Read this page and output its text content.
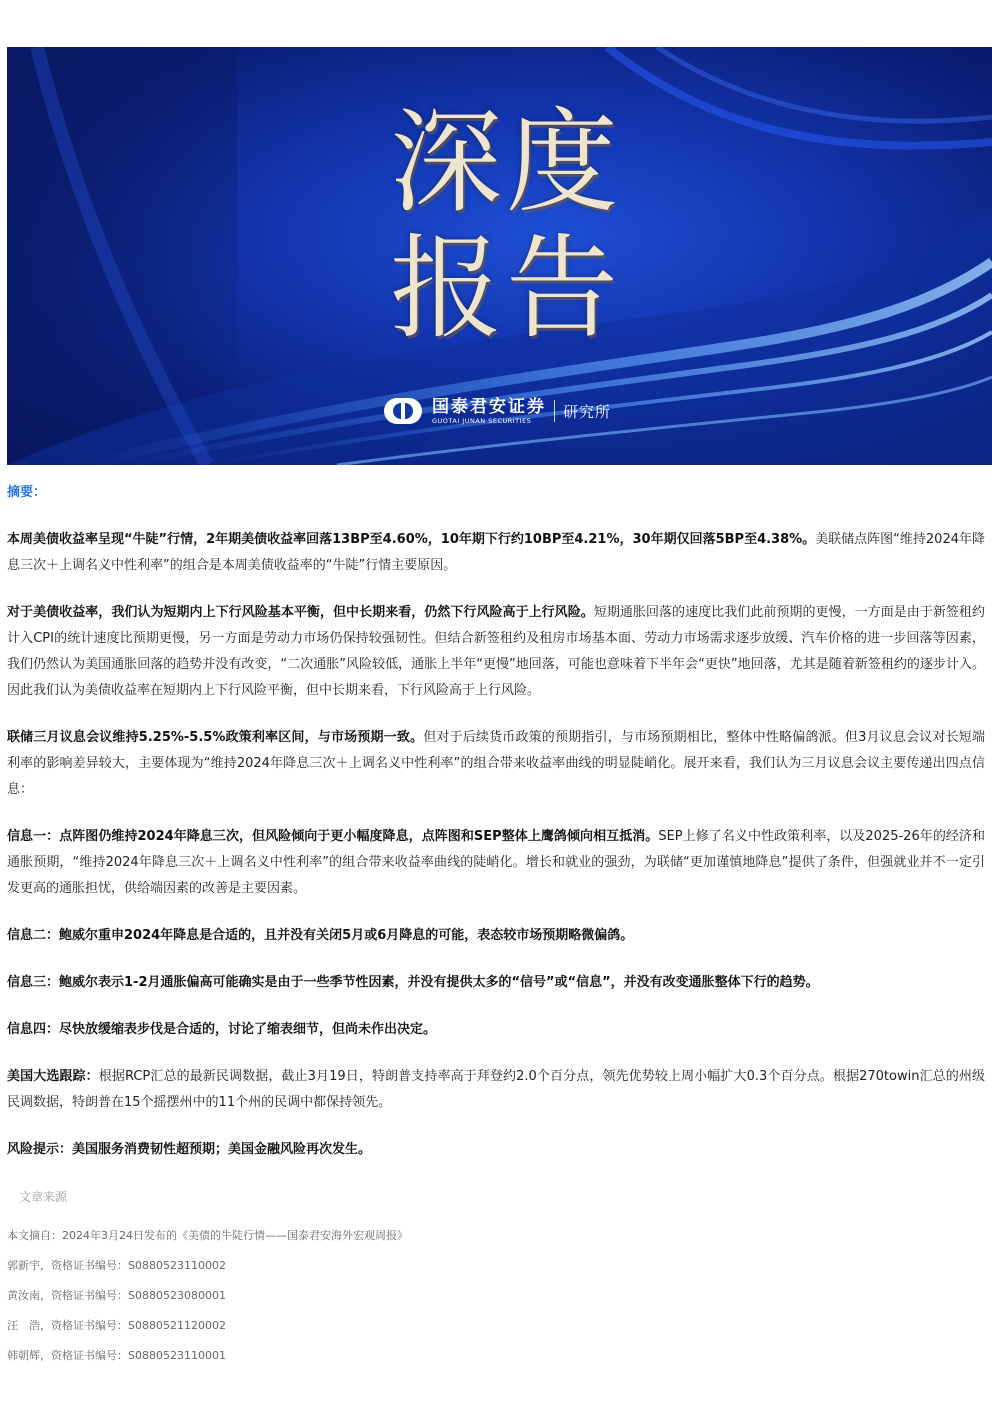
深度
报告
国泰君安证券
GUOTAI JUNAN SECURITIES	研究所
摘要：

本周美债收益率呈现“牛陡”行情，2年期美债收益率回落13BP至4.60%，10年期下行约10BP至4.21%，30年期仅回落5BP至4.38%。美联储点阵图“维持2024年降息三次＋上调名义中性利率”的组合是本周美债收益率的“牛陡”行情主要原因。

对于美债收益率，我们认为短期内上下行风险基本平衡，但中长期来看，仍然下行风险高于上行风险。短期通胀回落的速度比我们此前预期的更慢，一方面是由于新签租约计入CPI的统计速度比预期更慢，另一方面是劳动力市场仍保持较强韧性。但结合新签租约及租房市场基本面、劳动力市场需求逐步放缓、汽车价格的进一步回落等因素，我们仍然认为美国通胀回落的趋势并没有改变，“二次通胀”风险较低，通胀上半年“更慢”地回落，可能也意味着下半年会“更快”地回落，尤其是随着新签租约的逐步计入。因此我们认为美债收益率在短期内上下行风险平衡，但中长期来看，下行风险高于上行风险。

联储三月议息会议维持5.25%-5.5%政策利率区间，与市场预期一致。但对于后续货币政策的预期指引，与市场预期相比，整体中性略偏鸽派。但3月议息会议对长短端利率的影响差异较大，主要体现为“维持2024年降息三次＋上调名义中性利率”的组合带来收益率曲线的明显陡峭化。展开来看，我们认为三月议息会议主要传递出四点信息：

信息一：点阵图仍维持2024年降息三次，但风险倾向于更小幅度降息，点阵图和SEP整体上鹰鸽倾向相互抵消。SEP上修了名义中性政策利率，以及2025-26年的经济和通胀预期，“维持2024年降息三次＋上调名义中性利率”的组合带来收益率曲线的陡峭化。增长和就业的强劲，为联储“更加谨慎地降息”提供了条件，但强就业并不一定引发更高的通胀担忧，供给端因素的改善是主要因素。

信息二：鲍威尔重申2024年降息是合适的，且并没有关闭5月或6月降息的可能，表态较市场预期略微偏鸽。

信息三：鲍威尔表示1-2月通胀偏高可能确实是由于一些季节性因素，并没有提供太多的“信号”或“信息”，并没有改变通胀整体下行的趋势。

信息四：尽快放缓缩表步伐是合适的，讨论了缩表细节，但尚未作出决定。

美国大选跟踪：根据RCP汇总的最新民调数据，截止3月19日，特朗普支持率高于拜登约2.0个百分点，领先优势较上周小幅扩大0.3个百分点。根据270towin汇总的州级民调数据，特朗普在15个摇摆州中的11个州的民调中都保持领先。

风险提示：美国服务消费韧性超预期；美国金融风险再次发生。

文章来源

本文摘自：2024年3月24日发布的《美债的牛陡行情——国泰君安海外宏观周报》

郭新宇，资格证书编号：S0880523110002

黄汝南，资格证书编号：S0880523080001

汪　浩，资格证书编号：S0880521120002

韩朝辉，资格证书编号：S0880523110001
